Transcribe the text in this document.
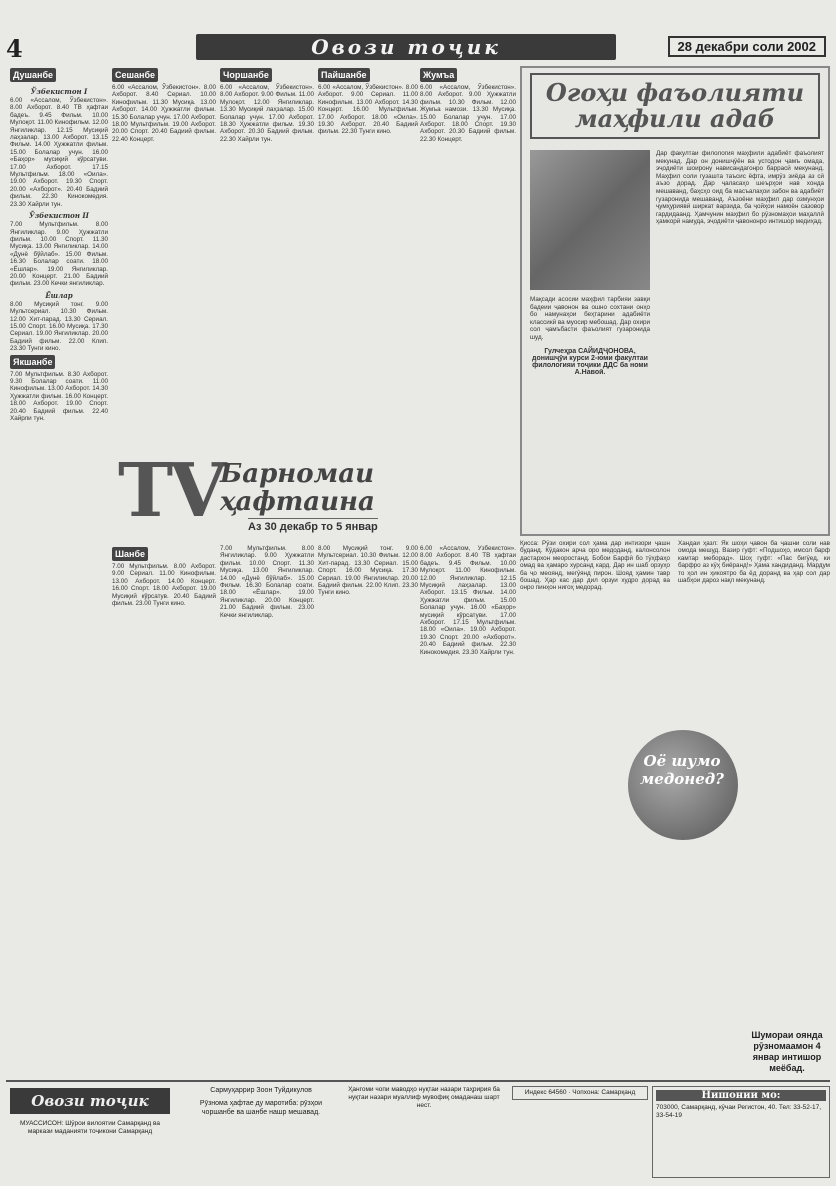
4	Овози тоҷик	28 декабри соли 2002
Душанбе
Ўзбекистон I
6.00 «Ассалом, Ўзбекистон». 8.00 Ахборот. 8.40 ТВ ҳафтаи бадеъ. 9.45 Фильм. 10.00 Мулоқот. 11.00 Кинофильм. 12.00 Янгиликлар. 12.15 Мусиқий лаҳзалар. 13.00 Ахборот. 13.15 Фильм. 14.00 Ҳужжатли фильм. 15.00 Болалар учун. 16.00 «Баҳор» мусиқий кўрсатуви. 17.00 Ахборот. 17.15 Мультфильм. 18.00 «Оила». 19.00 Ахборот. 19.30 Спорт. 20.00 «Ахборот». 20.40 Бадиий фильм. 22.30 Кинокомедия. 23.30 Хайрли тун.
Ўзбекистон II
7.00 Мультфильм. 8.00 Янгиликлар. 9.00 Ҳужжатли фильм. 10.00 Спорт. 11.30 Мусиқа. 13.00 Янгиликлар. 14.00 «Дунё бўйлаб». 15.00 Фильм. 16.30 Болалар соати. 18.00 «Ёшлар». 19.00 Янгиликлар. 20.00 Концерт. 21.00 Бадиий фильм. 23.00 Кечки янгиликлар.
Ёшлар
8.00 Мусиқий тонг. 9.00 Мультсериал. 10.30 Фильм. 12.00 Хит-парад. 13.30 Сериал. 15.00 Спорт. 16.00 Мусиқа. 17.30 Сериал. 19.00 Янгиликлар. 20.00 Бадиий фильм. 22.00 Клип. 23.30 Тунги кино.
Якшанбе
7.00 Мультфильм. 8.30 Ахборот. 9.30 Болалар соати. 11.00 Кинофильм. 13.00 Ахборот. 14.30 Ҳужжатли фильм. 16.00 Концерт. 18.00 Ахборот. 19.00 Спорт. 20.40 Бадиий фильм. 22.40 Хайрли тун.
Сешанбе
6.00 «Ассалом, Ўзбекистон». 8.00 Ахборот. 8.40 Сериал. 10.00 Кинофильм. 11.30 Мусиқа. 13.00 Ахборот. 14.00 Ҳужжатли фильм. 15.30 Болалар учун. 17.00 Ахборот. 18.00 Мультфильм. 19.00 Ахборот. 20.00 Спорт. 20.40 Бадиий фильм. 22.40 Концерт.
Чоршанбе
6.00 «Ассалом, Ўзбекистон». 8.00 Ахборот. 9.00 Фильм. 11.00 Мулоқот. 12.00 Янгиликлар. 13.30 Мусиқий лаҳзалар. 15.00 Болалар учун. 17.00 Ахборот. 18.30 Ҳужжатли фильм. 19.30 Ахборот. 20.30 Бадиий фильм. 22.30 Хайрли тун.
Пайшанбе
6.00 «Ассалом, Ўзбекистон». 8.00 Ахборот. 9.00 Сериал. 11.00 Кинофильм. 13.00 Ахборот. 14.30 Концерт. 16.00 Мультфильм. 17.00 Ахборот. 18.00 «Оила». 19.30 Ахборот. 20.40 Бадиий фильм. 22.30 Тунги кино.
Жумъа
6.00 «Ассалом, Ўзбекистон». 8.00 Ахборот. 9.00 Ҳужжатли фильм. 10.30 Фильм. 12.00 Жумъа намози. 13.30 Мусиқа. 15.00 Болалар учун. 17.00 Ахборот. 18.00 Спорт. 19.30 Ахборот. 20.30 Бадиий фильм. 22.30 Концерт.
TV
Барномаи
ҳафтаина
Аз 30 декабр то 5 январ
Шанбе
7.00 Мультфильм. 8.00 Ахборот. 9.00 Сериал. 11.00 Кинофильм. 13.00 Ахборот. 14.00 Концерт. 16.00 Спорт. 18.00 Ахборот. 19.00 Мусиқий кўрсатув. 20.40 Бадиий фильм. 23.00 Тунги кино.
7.00 Мультфильм. 8.00 Янгиликлар. 9.00 Ҳужжатли фильм. 10.00 Спорт. 11.30 Мусиқа. 13.00 Янгиликлар. 14.00 «Дунё бўйлаб». 15.00 Фильм. 16.30 Болалар соати. 18.00 «Ёшлар». 19.00 Янгиликлар. 20.00 Концерт. 21.00 Бадиий фильм. 23.00 Кечки янгиликлар.
8.00 Мусиқий тонг. 9.00 Мультсериал. 10.30 Фильм. 12.00 Хит-парад. 13.30 Сериал. 15.00 Спорт. 16.00 Мусиқа. 17.30 Сериал. 19.00 Янгиликлар. 20.00 Бадиий фильм. 22.00 Клип. 23.30 Тунги кино.
6.00 «Ассалом, Ўзбекистон». 8.00 Ахборот. 8.40 ТВ ҳафтаи бадеъ. 9.45 Фильм. 10.00 Мулоқот. 11.00 Кинофильм. 12.00 Янгиликлар. 12.15 Мусиқий лаҳзалар. 13.00 Ахборот. 13.15 Фильм. 14.00 Ҳужжатли фильм. 15.00 Болалар учун. 16.00 «Баҳор» мусиқий кўрсатуви. 17.00 Ахборот. 17.15 Мультфильм. 18.00 «Оила». 19.00 Ахборот. 19.30 Спорт. 20.00 «Ахборот». 20.40 Бадиий фильм. 22.30 Кинокомедия. 23.30 Хайрли тун.
Огоҳи фаъолияти маҳфили адаб
Дар факултаи филология маҳфили адабиёт фаъолият мекунад. Дар он донишҷӯён ва устодон ҷамъ омада, эҷодиёти шоирону нависандагонро баррасӣ мекунанд. Маҳфил соли гузашта таъсис ёфта, имрӯз зиёда аз сӣ аъзо дорад. Дар ҷаласаҳо шеърҳои нав хонда мешаванд, баҳсҳо оид ба масъалаҳои забон ва адабиёт гузаронида мешаванд. Аъзоёни маҳфил дар озмунҳои ҷумҳуриявӣ ширкат варзида, ба ҷойҳои намоён сазовор гардидаанд. Ҳамчунин маҳфил бо рӯзномаҳои маҳаллӣ ҳамкорӣ намуда, эҷодиёти ҷавононро интишор медиҳад.
Мақсади асосии маҳфил тарбияи завқи бадеии ҷавонон ва ошно сохтани онҳо бо намунаҳои беҳтарини адабиёти классикӣ ва муосир мебошад. Дар охири сол ҷамъбасти фаъолият гузаронида шуд.
Гулчеҳра САЙИДҶОНОВА, донишҷӯи курси 2-юми факултаи филологияи тоҷики ДДС ба номи А.Навоӣ.
Қисса: Рӯзи охири сол ҳама дар интизори ҷашн буданд. Кӯдакон арча оро медоданд, калонсолон дастархон меоростанд. Бобои Барфӣ бо тӯҳфаҳо омад ва ҳамаро хурсанд кард. Дар ин шаб орзуҳо ба ҷо меоянд, мегӯянд пирон. Шояд ҳамин тавр бошад. Ҳар кас дар дил орзуи худро дорад ва онро пинҳон нигоҳ медорад.
Хандаи ҳазл: Як шоҳи ҷавон ба ҷашни соли нав омода мешуд. Вазир гуфт: «Подшоҳо, имсол барф камтар меборад». Шоҳ гуфт: «Пас бигӯед, ки барфро аз кӯҳ биёранд!» Ҳама хандиданд. Мардум то ҳол ин ҳикоятро ба ёд доранд ва ҳар сол дар шабҳои дароз нақл мекунанд.
Оё шумо медонед?
Шумораи оянда рӯзномаамон 4 январ интишор меёбад.
Овози тоҷик
МУАССИСОН: Шӯрои вилоятии Самарқанд ва маркази маданияти тоҷикони Самарқанд
Сармуҳаррир Зоон Туйдикулов
Рӯзнома ҳафтае ду маротиба: рӯзҳои чоршанбе ва шанбе нашр мешавад.
Ҳангоми чопи маводҳо нуқтаи назари таҳририя ба нуқтаи назари муаллиф мувофиқ омаданаш шарт нест.
Индекс 64560 · Чопхона: Самарқанд	Нишонии мо:
703000, Самарқанд, кӯчаи Регистон, 40. Тел: 33-52-17, 33-54-19
